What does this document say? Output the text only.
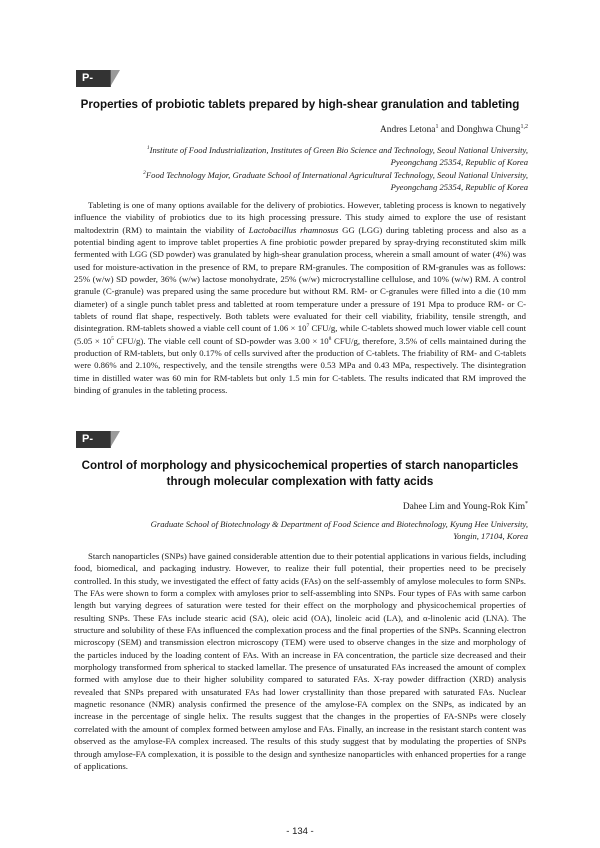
P-63
Properties of probiotic tablets prepared by high-shear granulation and tableting
Andres Letona$^1$ and Donghwa Chung$^{1,2}$
$^1$Institute of Food Industrialization, Institutes of Green Bio Science and Technology, Seoul National University,
Pyeongchang 25354, Republic of Korea
$^2$Food Technology Major, Graduate School of International Agricultural Technology, Seoul National University,
Pyeongchang 25354, Republic of Korea

Tableting is one of many options available for the delivery of probiotics. However, tableting process is known to negatively influence the viability of probiotics due to its high processing pressure. This study aimed to explore the use of resistant maltodextrin (RM) to maintain the viability of Lactobacillus rhamnosus GG (LGG) during tableting process and also as a potential binding agent to improve tablet properties A fine probiotic powder prepared by spray-drying reconstituted skim milk fermented with LGG (SD powder) was granulated by high-shear granulation process, wherein a small amount of water (4%) was used for moisture-activation in the presence of RM, to prepare RM-granules. The composition of RM-granules was as follows: 25% (w/w) SD powder, 36% (w/w) lactose monohydrate, 25% (w/w) microcrystalline cellulose, and 10% (w/w) RM. A control granule (C-granule) was prepared using the same procedure but without RM. RM- or C-granules were filled into a die (10 mm diameter) of a single punch tablet press and tabletted at room temperature under a pressure of 191 Mpa to produce RM- or C-tablets of round flat shape, respectively. Both tablets were evaluated for their cell viability, friability, tensile strength, and disintegration. RM-tablets showed a viable cell count of $1.06 \times 10^7$ CFU/g, while C-tablets showed much lower viable cell count ($5.05 \times 10^5$ CFU/g). The viable cell count of SD-powder was $3.00 \times 10^8$ CFU/g, therefore, 3.5% of cells maintained during the production of RM-tablets, but only 0.17% of cells survived after the production of C-tablets. The friability of RM- and C-tablets were 0.86% and 2.10%, respectively, and the tensile strengths were 0.53 MPa and 0.43 MPa, respectively. The disintegration time in distilled water was 60 min for RM-tablets but only 1.5 min for C-tablets. The results indicated that RM improved the binding of granules in the tableting process.

P-64
Control of morphology and physicochemical properties of starch nanoparticles
through molecular complexation with fatty acids
Dahee Lim and Young-Rok Kim*
Graduate School of Biotechnology & Department of Food Science and Biotechnology, Kyung Hee University,
Yongin, 17104, Korea

Starch nanoparticles (SNPs) have gained considerable attention due to their potential applications in various fields, including food, biomedical, and packaging industry. However, to realize their full potential, their properties need to be precisely controlled. In this study, we investigated the effect of fatty acids (FAs) on the self-assembly of amylose molecules to form SNPs. The FAs were shown to form a complex with amyloses prior to self-assembling into SNPs. Four types of FAs with same carbon length but varying degrees of saturation were tested for their effect on the morphology and physicochemical properties of resulting SNPs. These FAs include stearic acid (SA), oleic acid (OA), linoleic acid (LA), and α-linolenic acid (LNA). The structure and solubility of these FAs influenced the complexation process and the final properties of the SNPs. Scanning electron microscopy (SEM) and transmission electron microscopy (TEM) were used to observe changes in the size and morphology of the particles induced by the loading content of FAs. With an increase in FA concentration, the particle size decreased and their morphology transformed from spherical to stacked lamellar. The presence of unsaturated FAs increased the amount of complex formed with amylose due to their higher solubility compared to saturated FAs. X-ray powder diffraction (XRD) analysis revealed that SNPs prepared with unsaturated FAs had lower crystallinity than those prepared with saturated FAs. Nuclear magnetic resonance (NMR) analysis confirmed the presence of the amylose-FA complex on the SNPs, as indicated by an increase in the percentage of single helix. The results suggest that the changes in the properties of FA-SNPs were closely correlated with the amount of complex formed between amylose and FAs. Finally, an increase in the resistant starch content was observed as the amylose-FA complex increased. The results of this study suggest that by modulating the properties of SNPs through amylose-FA complexation, it is possible to the design and synthesize nanoparticles with enhanced properties for a range of applications.

- 134 -
